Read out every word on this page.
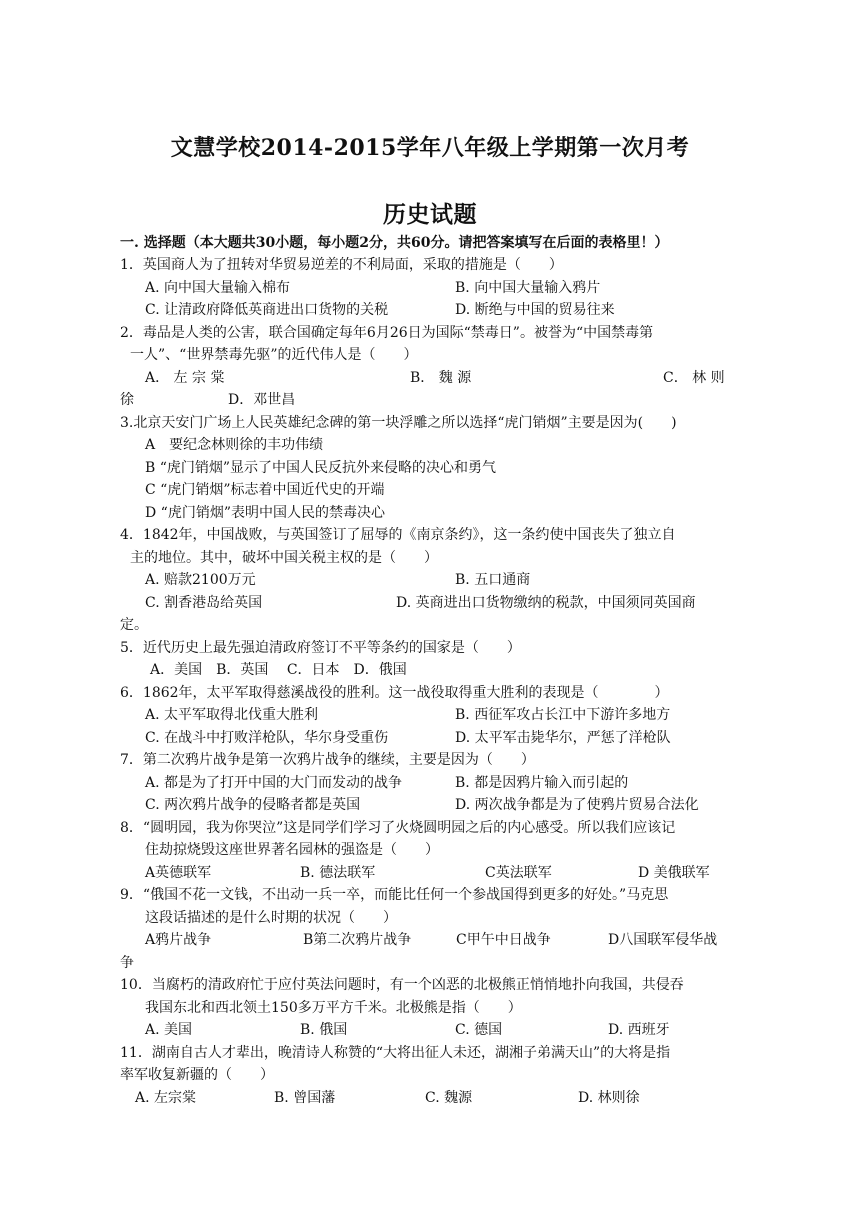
文慧学校2014-2015学年八年级上学期第一次月考
历史试题
一. 选择题（本大题共30小题，每小题2分，共60分。请把答案填写在后面的表格里！）
1．英国商人为了扭转对华贸易逆差的不利局面，采取的措施是（　　）
A. 向中国大量输入棉布	B. 向中国大量输入鸦片
C. 让清政府降低英商进出口货物的关税	D. 断绝与中国的贸易往来
2．毒品是人类的公害，联合国确定每年6月26日为国际“禁毒日”。被誉为“中国禁毒第
一人”、“世界禁毒先驱”的近代伟人是（　　）
A． 左 宗 棠	B． 魏 源	C． 林 则
徐	D．邓世昌
3.北京天安门广场上人民英雄纪念碑的第一块浮雕之所以选择“虎门销烟”主要是因为(　　)
A　要纪念林则徐的丰功伟绩
B “虎门销烟”显示了中国人民反抗外来侵略的决心和勇气
C “虎门销烟”标志着中国近代史的开端
D “虎门销烟”表明中国人民的禁毒决心
4．1842年，中国战败，与英国签订了屈辱的《南京条约》，这一条约使中国丧失了独立自
主的地位。其中，破坏中国关税主权的是（　　）
A. 赔款2100万元	B. 五口通商
C. 割香港岛给英国	D. 英商进出口货物缴纳的税款，中国须同英国商
定。
5．近代历史上最先强迫清政府签订不平等条约的国家是（　　）
A．美国　B．英国　 C．日本　D．俄国
6．1862年，太平军取得慈溪战役的胜利。这一战役取得重大胜利的表现是（　　　　）
A. 太平军取得北伐重大胜利	B. 西征军攻占长江中下游许多地方
C. 在战斗中打败洋枪队，华尔身受重伤	D. 太平军击毙华尔，严惩了洋枪队
7．第二次鸦片战争是第一次鸦片战争的继续，主要是因为（　　）
A. 都是为了打开中国的大门而发动的战争	B. 都是因鸦片输入而引起的
C. 两次鸦片战争的侵略者都是英国	D. 两次战争都是为了使鸦片贸易合法化
8．“圆明园，我为你哭泣”这是同学们学习了火烧圆明园之后的内心感受。所以我们应该记
住劫掠烧毁这座世界著名园林的强盗是（　　）
A英德联军	B. 德法联军	C英法联军	D 美俄联军
9．“俄国不花一文钱，不出动一兵一卒，而能比任何一个参战国得到更多的好处。”马克思
这段话描述的是什么时期的状况（　　）
A鸦片战争	B第二次鸦片战争	C甲午中日战争	D八国联军侵华战
争
10．当腐朽的清政府忙于应付英法问题时，有一个凶恶的北极熊正悄悄地扑向我国，共侵吞
我国东北和西北领土150多万平方千米。北极熊是指（　　）
A. 美国	B. 俄国	C. 德国	D. 西班牙
11．湖南自古人才辈出，晚清诗人称赞的“大将出征人未还，湖湘子弟满天山”的大将是指
率军收复新疆的（　　）
A. 左宗棠	B. 曾国藩	C. 魏源	D. 林则徐
